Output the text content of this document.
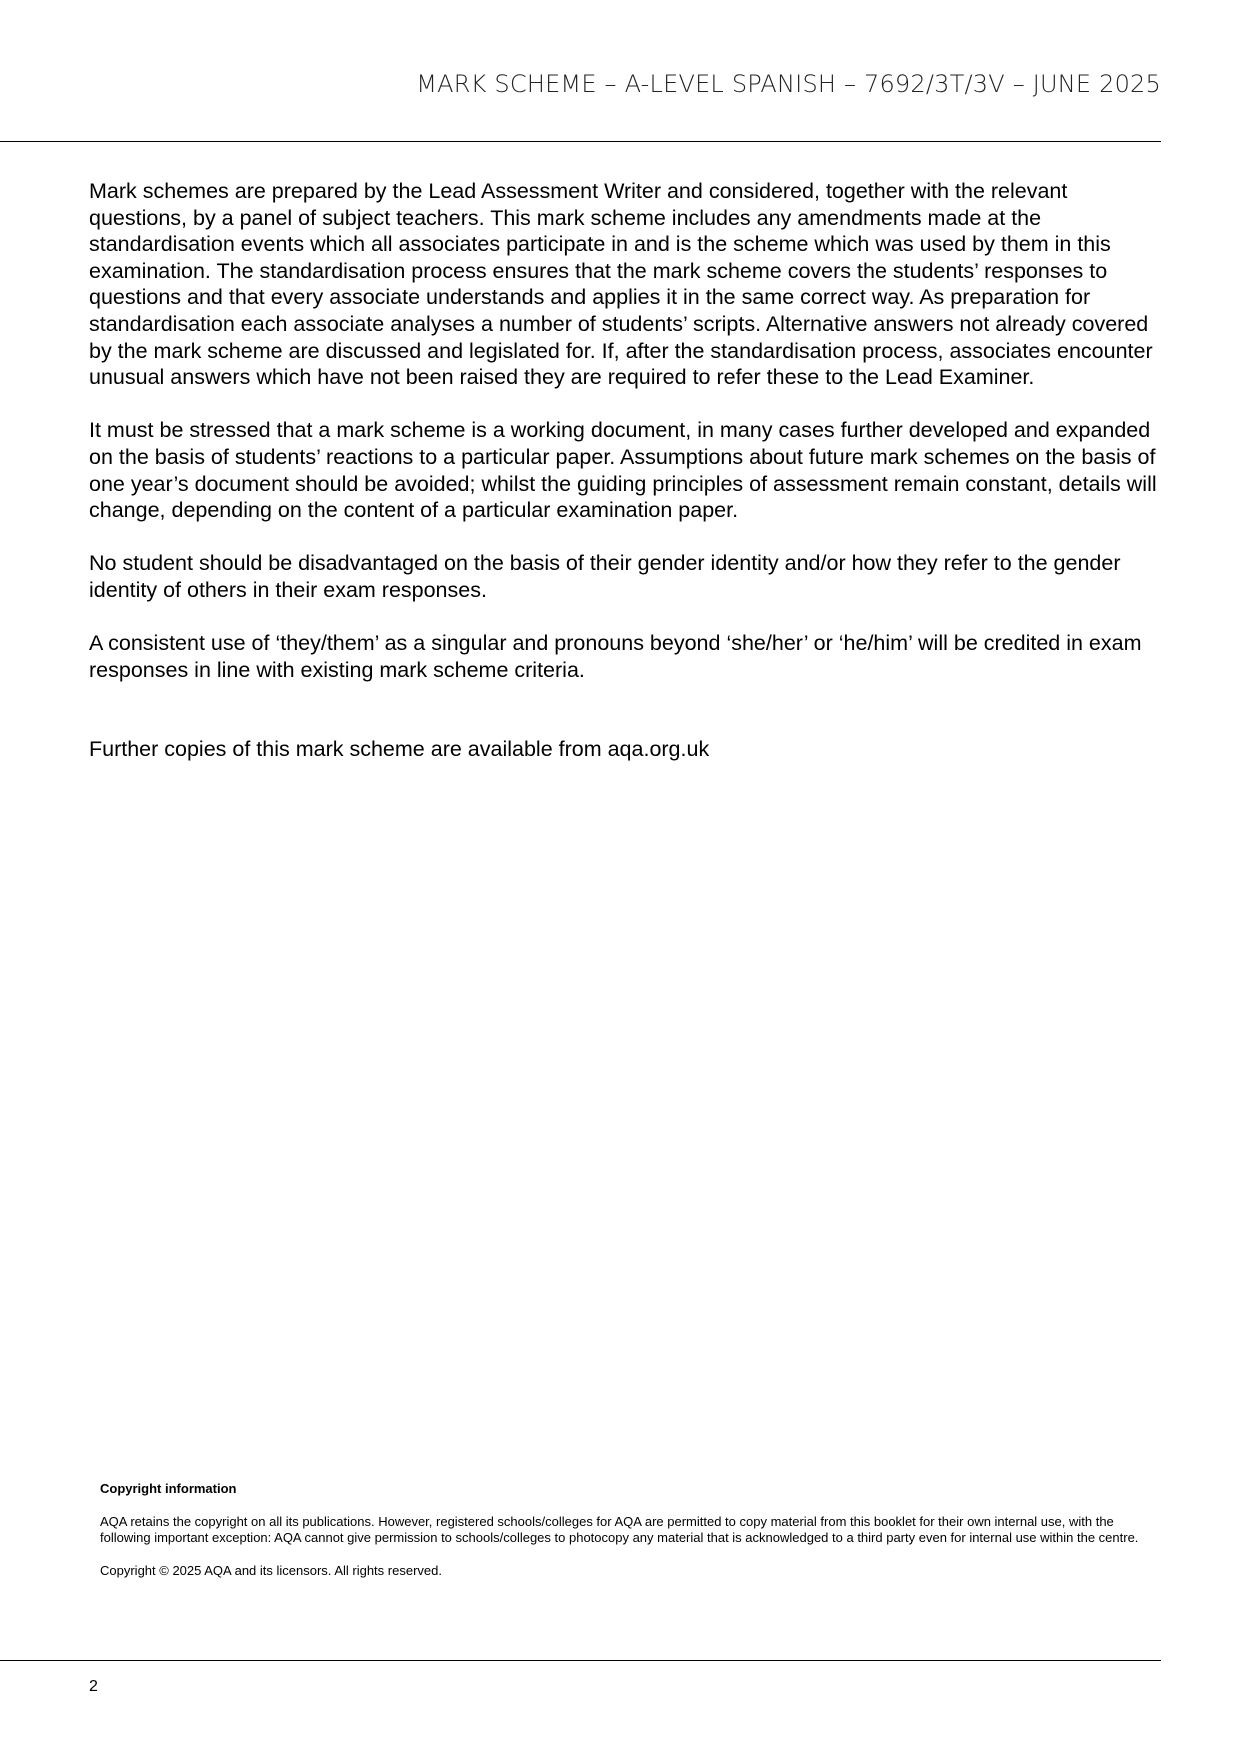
MARK SCHEME – A-LEVEL SPANISH – 7692/3T/3V – JUNE 2025

Mark schemes are prepared by the Lead Assessment Writer and considered, together with the relevant questions, by a panel of subject teachers. This mark scheme includes any amendments made at the standardisation events which all associates participate in and is the scheme which was used by them in this examination. The standardisation process ensures that the mark scheme covers the students’ responses to questions and that every associate understands and applies it in the same correct way. As preparation for standardisation each associate analyses a number of students’ scripts. Alternative answers not already covered by the mark scheme are discussed and legislated for. If, after the standardisation process, associates encounter unusual answers which have not been raised they are required to refer these to the Lead Examiner.

It must be stressed that a mark scheme is a working document, in many cases further developed and expanded on the basis of students’ reactions to a particular paper. Assumptions about future mark schemes on the basis of one year’s document should be avoided; whilst the guiding principles of assessment remain constant, details will change, depending on the content of a particular examination paper.

No student should be disadvantaged on the basis of their gender identity and/or how they refer to the gender identity of others in their exam responses.

A consistent use of ‘they/them’ as a singular and pronouns beyond ‘she/her’ or ‘he/him’ will be credited in exam responses in line with existing mark scheme criteria.

Further copies of this mark scheme are available from aqa.org.uk

Copyright information

AQA retains the copyright on all its publications. However, registered schools/colleges for AQA are permitted to copy material from this booklet for their own internal use, with the following important exception: AQA cannot give permission to schools/colleges to photocopy any material that is acknowledged to a third party even for internal use within the centre.

Copyright © 2025 AQA and its licensors. All rights reserved.

2
